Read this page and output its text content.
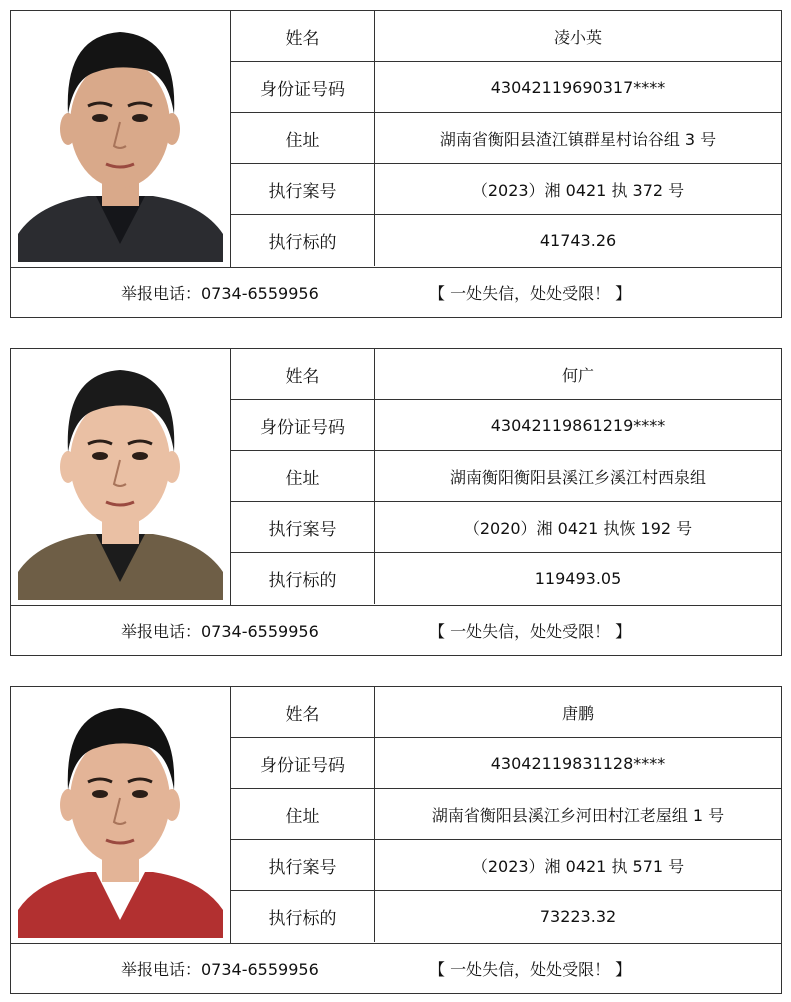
姓名	凌小英
身份证号码	43042119690317****
住址	湖南省衡阳县渣江镇群星村诒谷组 3 号
执行案号	（2023）湘 0421 执 372 号
执行标的	41743.26
举报电话：0734-6559956	【 一处失信，处处受限！ 】
姓名	何广
身份证号码	43042119861219****
住址	湖南衡阳衡阳县溪江乡溪江村西泉组
执行案号	（2020）湘 0421 执恢 192 号
执行标的	119493.05
举报电话：0734-6559956	【 一处失信，处处受限！ 】
姓名	唐鹏
身份证号码	43042119831128****
住址	湖南省衡阳县溪江乡河田村江老屋组 1 号
执行案号	（2023）湘 0421 执 571 号
执行标的	73223.32
举报电话：0734-6559956	【 一处失信，处处受限！ 】
